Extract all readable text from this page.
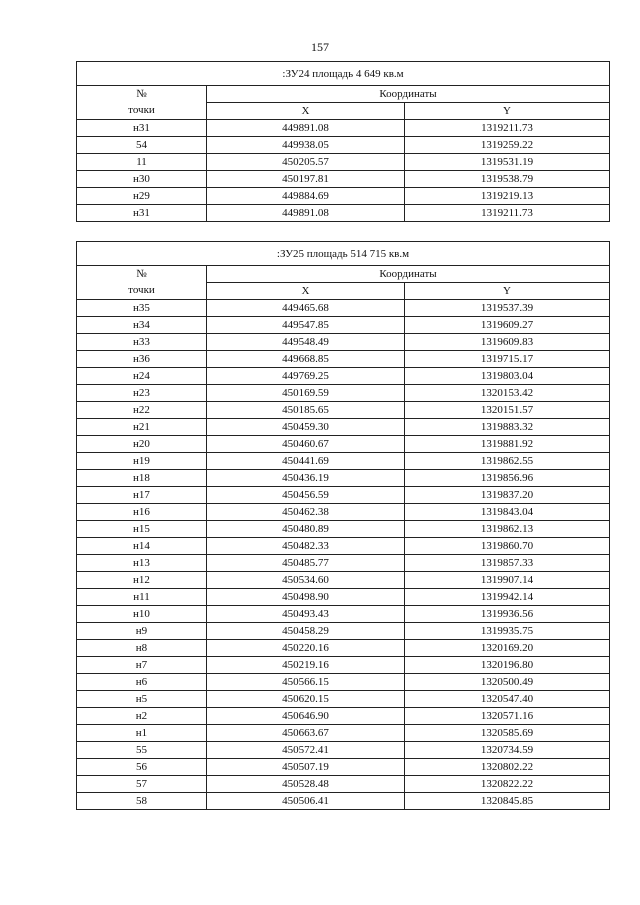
157
:ЗУ24 площадь 4 649 кв.м		
№	Координаты	
точки	X	Y
н31	449891.08	1319211.73
54	449938.05	1319259.22
11	450205.57	1319531.19
н30	450197.81	1319538.79
н29	449884.69	1319219.13
н31	449891.08	1319211.73
:ЗУ25 площадь 514 715 кв.м		
№	Координаты	
точки	X	Y
н35	449465.68	1319537.39
н34	449547.85	1319609.27
н33	449548.49	1319609.83
н36	449668.85	1319715.17
н24	449769.25	1319803.04
н23	450169.59	1320153.42
н22	450185.65	1320151.57
н21	450459.30	1319883.32
н20	450460.67	1319881.92
н19	450441.69	1319862.55
н18	450436.19	1319856.96
н17	450456.59	1319837.20
н16	450462.38	1319843.04
н15	450480.89	1319862.13
н14	450482.33	1319860.70
н13	450485.77	1319857.33
н12	450534.60	1319907.14
н11	450498.90	1319942.14
н10	450493.43	1319936.56
н9	450458.29	1319935.75
н8	450220.16	1320169.20
н7	450219.16	1320196.80
н6	450566.15	1320500.49
н5	450620.15	1320547.40
н2	450646.90	1320571.16
н1	450663.67	1320585.69
55	450572.41	1320734.59
56	450507.19	1320802.22
57	450528.48	1320822.22
58	450506.41	1320845.85
